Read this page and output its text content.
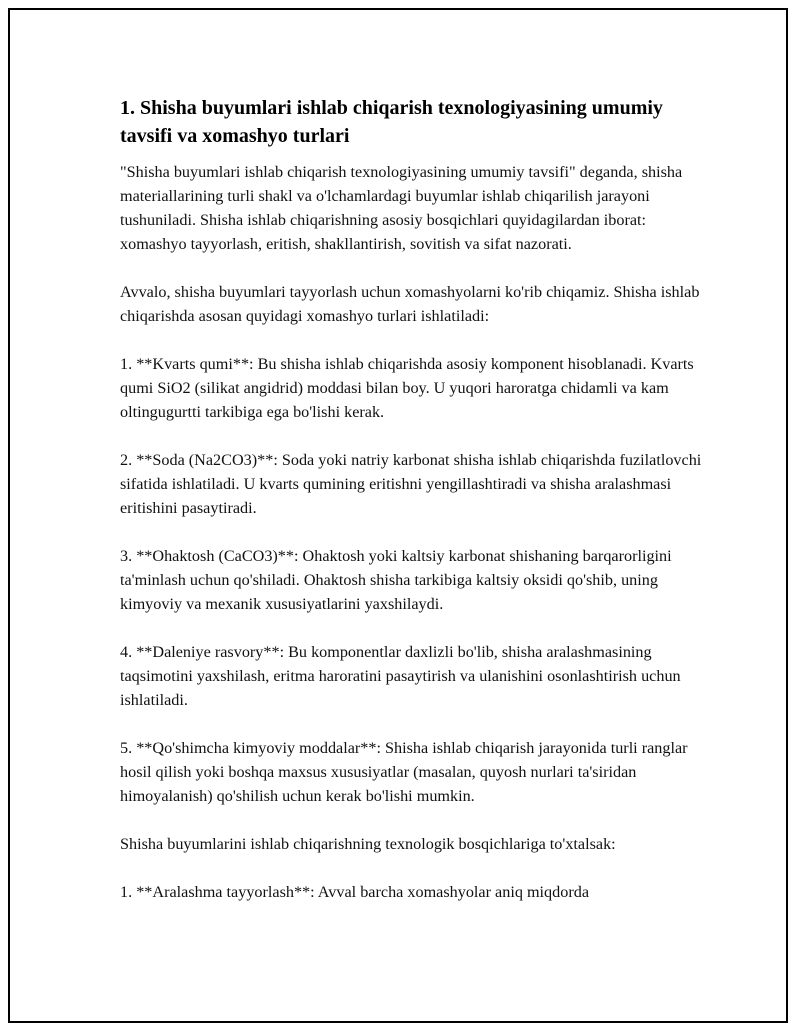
1. Shisha buyumlari ishlab chiqarish texnologiyasining umumiy tavsifi va xomashyo turlari

"Shisha buyumlari ishlab chiqarish texnologiyasining umumiy tavsifi" deganda, shisha materiallarining turli shakl va o'lchamlardagi buyumlar ishlab chiqarilish jarayoni tushuniladi. Shisha ishlab chiqarishning asosiy bosqichlari quyidagilardan iborat: xomashyo tayyorlash, eritish, shakllantirish, sovitish va sifat nazorati.

Avvalo, shisha buyumlari tayyorlash uchun xomashyolarni ko'rib chiqamiz. Shisha ishlab chiqarishda asosan quyidagi xomashyo turlari ishlatiladi:

1. **Kvarts qumi**: Bu shisha ishlab chiqarishda asosiy komponent hisoblanadi. Kvarts qumi SiO2 (silikat angidrid) moddasi bilan boy. U yuqori haroratga chidamli va kam oltingugurtti tarkibiga ega bo'lishi kerak.

2. **Soda (Na2CO3)**: Soda yoki natriy karbonat shisha ishlab chiqarishda fuzilatlovchi sifatida ishlatiladi. U kvarts qumining eritishni yengillashtiradi va shisha aralashmasi eritishini pasaytiradi.

3. **Ohaktosh (CaCO3)**: Ohaktosh yoki kaltsiy karbonat shishaning barqarorligini ta'minlash uchun qo'shiladi. Ohaktosh shisha tarkibiga kaltsiy oksidi qo'shib, uning kimyoviy va mexanik xususiyatlarini yaxshilaydi.

4. **Daleniye rasvory**: Bu komponentlar daxlizli bo'lib, shisha aralashmasining taqsimotini yaxshilash, eritma haroratini pasaytirish va ulanishini osonlashtirish uchun ishlatiladi.

5. **Qo'shimcha kimyoviy moddalar**: Shisha ishlab chiqarish jarayonida turli ranglar hosil qilish yoki boshqa maxsus xususiyatlar (masalan, quyosh nurlari ta'siridan himoyalanish) qo'shilish uchun kerak bo'lishi mumkin.

Shisha buyumlarini ishlab chiqarishning texnologik bosqichlariga to'xtalsak:

1. **Aralashma tayyorlash**: Avval barcha xomashyolar aniq miqdorda
